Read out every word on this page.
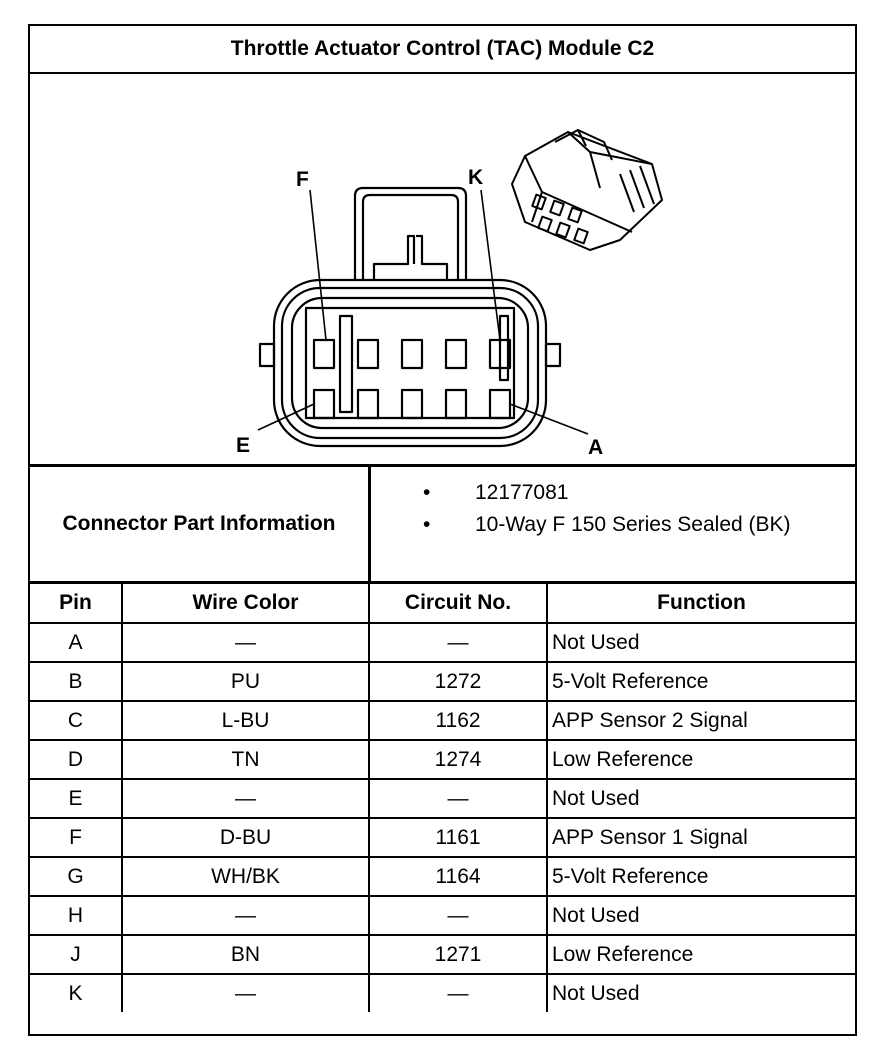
Throttle Actuator Control (TAC) Module C2
F	K
E	A
Connector Part Information
• 12177081
• 10-Way F 150 Series Sealed (BK)
Pin	Wire Color	Circuit No.	Function
A	—	—	Not Used
B	PU	1272	5-Volt Reference
C	L-BU	1162	APP Sensor 2 Signal
D	TN	1274	Low Reference
E	—	—	Not Used
F	D-BU	1161	APP Sensor 1 Signal
G	WH/BK	1164	5-Volt Reference
H	—	—	Not Used
J	BN	1271	Low Reference
K	—	—	Not Used
